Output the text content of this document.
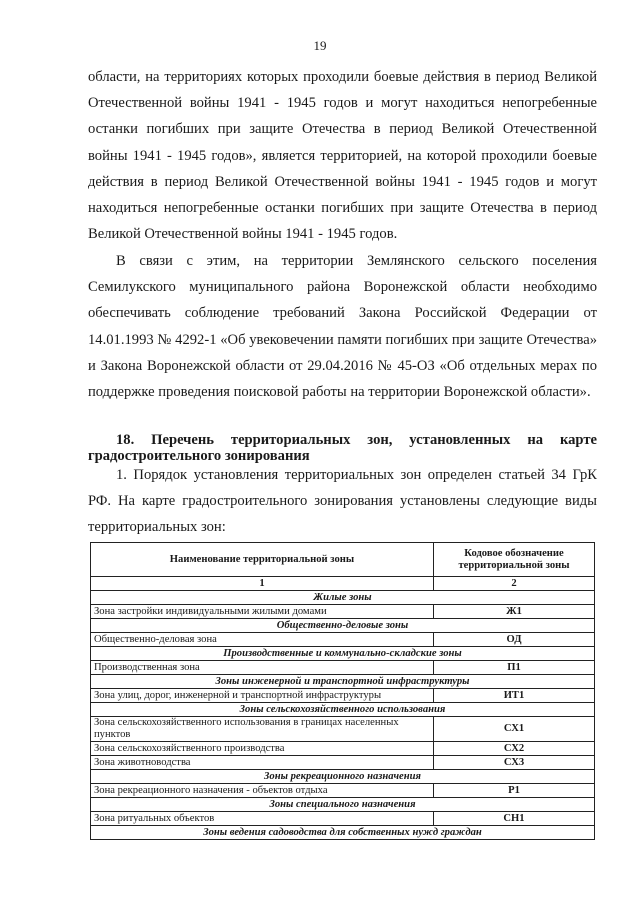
19
области, на территориях которых проходили боевые действия в период Великой Отечественной войны 1941 - 1945 годов и могут находиться непогребенные останки погибших при защите Отечества в период Великой Отечественной войны 1941 - 1945 годов», является территорией, на которой проходили боевые действия в период Великой Отечественной войны 1941 - 1945 годов и могут находиться непогребенные останки погибших при защите Отечества в период Великой Отечественной войны 1941 - 1945 годов.
В связи с этим, на территории Землянского сельского поселения Семилукского муниципального района Воронежской области необходимо обеспечивать соблюдение требований Закона Российской Федерации от 14.01.1993 № 4292-1 «Об увековечении памяти погибших при защите Отечества» и Закона Воронежской области от 29.04.2016 № 45-ОЗ «Об отдельных мерах по поддержке проведения поисковой работы на территории Воронежской области».
18. Перечень территориальных зон, установленных на карте градостроительного зонирования
1. Порядок установления территориальных зон определен статьей 34 ГрК РФ. На карте градостроительного зонирования установлены следующие виды территориальных зон:
Наименование территориальной зоны	Кодовое обозначение территориальной зоны
1	2
Жилые зоны	
Зона застройки индивидуальными жилыми домами	Ж1
Общественно-деловые зоны	
Общественно-деловая зона	ОД
Производственные и коммунально-складские зоны	
Производственная зона	П1
Зоны инженерной и транспортной инфраструктуры	
Зона улиц, дорог, инженерной и транспортной инфраструктуры	ИТ1
Зоны сельскохозяйственного использования	
Зона сельскохозяйственного использования в границах населенных пунктов	СХ1
Зона сельскохозяйственного производства	СХ2
Зона животноводства	СХ3
Зоны рекреационного назначения	
Зона рекреационного назначения - объектов отдыха	Р1
Зоны специального назначения	
Зона ритуальных объектов	СН1
Зоны ведения садоводства для собственных нужд граждан	
